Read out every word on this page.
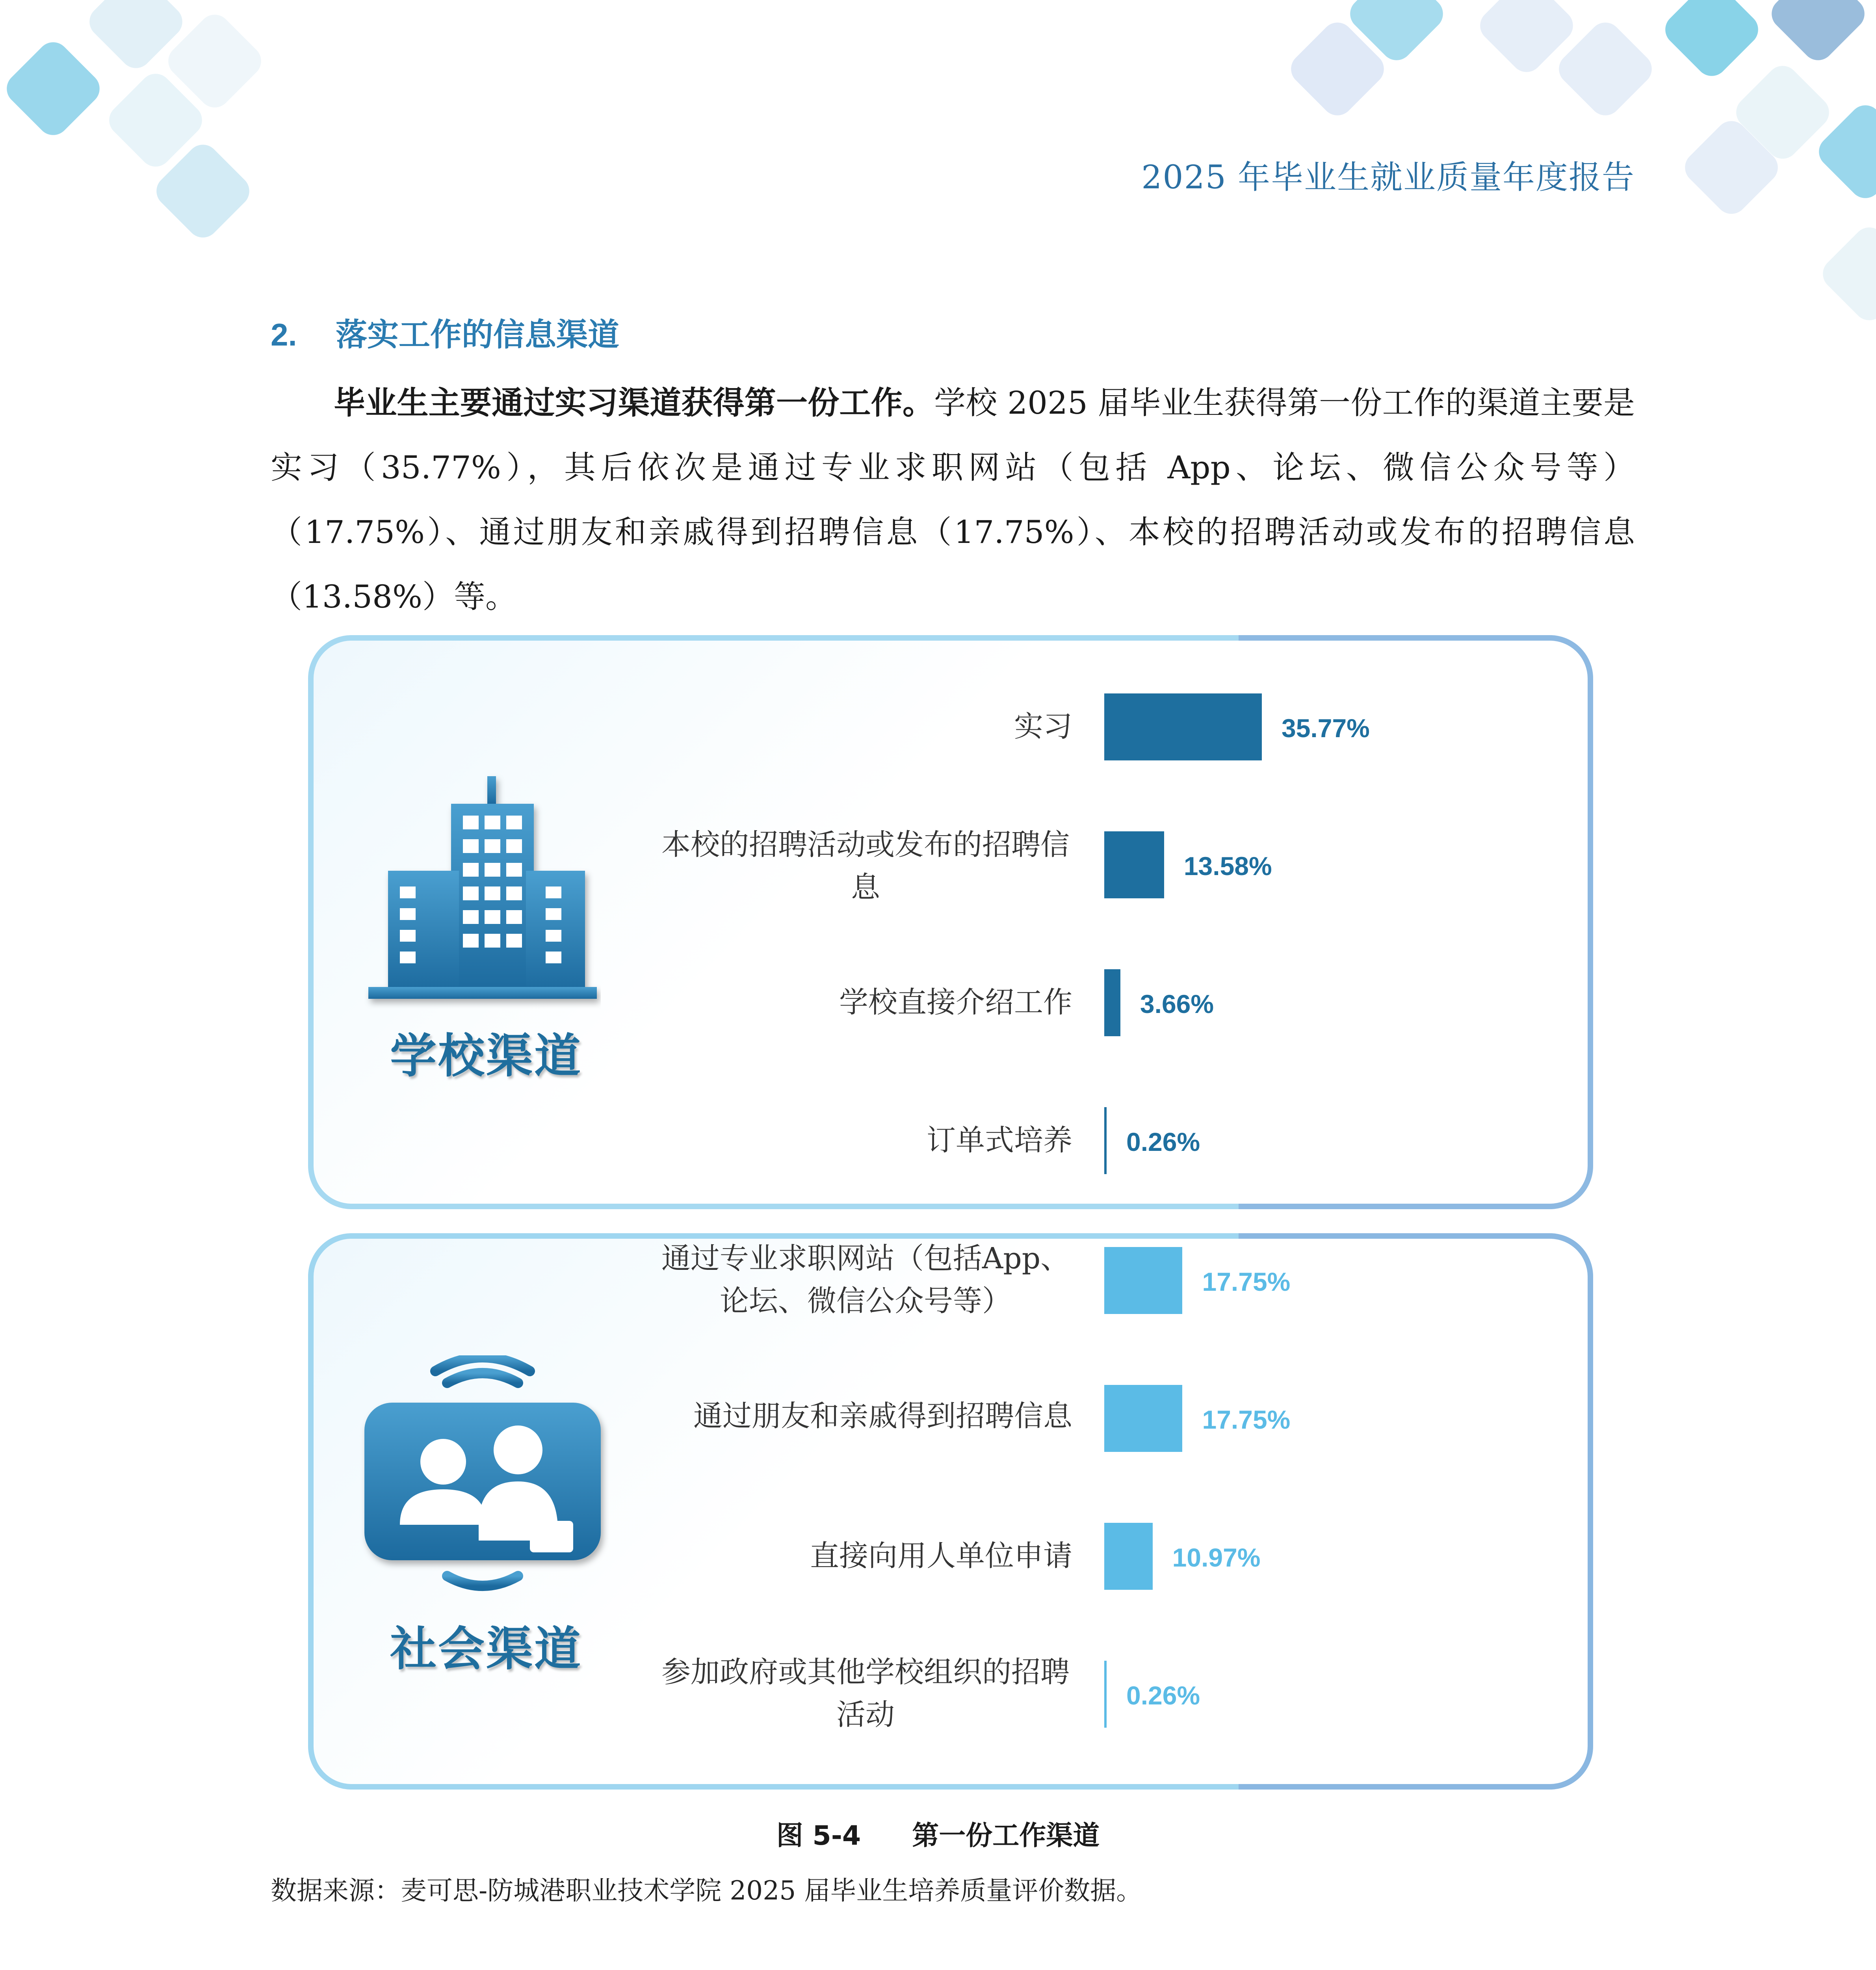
2025 年毕业生就业质量年度报告
2. 落实工作的信息渠道
毕业生主要通过实习渠道获得第一份工作。学校 2025 届毕业生获得第一份工作的渠道主要是实习（35.77%），其后依次是通过专业求职网站（包括 App、论坛、微信公众号等）（17.75%）、通过朋友和亲戚得到招聘信息（17.75%）、本校的招聘活动或发布的招聘信息（13.58%）等。
学校渠道
社会渠道
实习
本校的招聘活动或发布的招聘信息
学校直接介绍工作
订单式培养
通过专业求职网站（包括App、论坛、微信公众号等）
通过朋友和亲戚得到招聘信息
直接向用人单位申请
参加政府或其他学校组织的招聘活动
35.77%
13.58%
3.66%
0.26%
17.75%
17.75%
10.97%
0.26%
图 5-4 第一份工作渠道
数据来源：麦可思-防城港职业技术学院 2025 届毕业生培养质量评价数据。
